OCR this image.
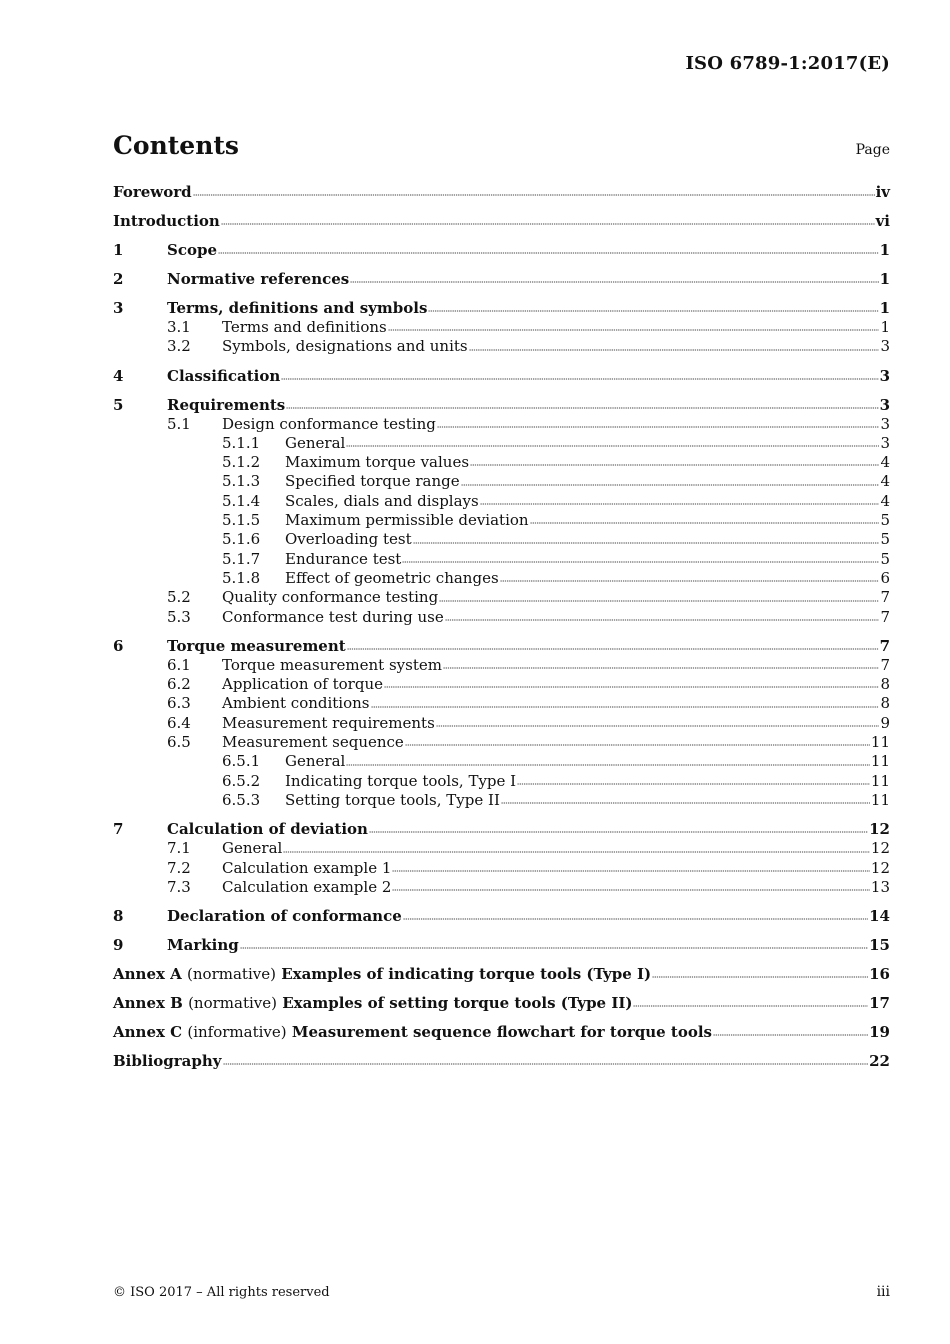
ISO 6789-1:2017(E)
Contents	Page
Foreword	iv
Introduction	vi
1	Scope	1
2	Normative references	1
3	Terms, definitions and symbols	1
3.1	Terms and definitions	1
3.2	Symbols, designations and units	3
4	Classification	3
5	Requirements	3
5.1	Design conformance testing	3
5.1.1	General	3
5.1.2	Maximum torque values	4
5.1.3	Specified torque range	4
5.1.4	Scales, dials and displays	4
5.1.5	Maximum permissible deviation	5
5.1.6	Overloading test	5
5.1.7	Endurance test	5
5.1.8	Effect of geometric changes	6
5.2	Quality conformance testing	7
5.3	Conformance test during use	7
6	Torque measurement	7
6.1	Torque measurement system	7
6.2	Application of torque	8
6.3	Ambient conditions	8
6.4	Measurement requirements	9
6.5	Measurement sequence	11
6.5.1	General	11
6.5.2	Indicating torque tools, Type I	11
6.5.3	Setting torque tools, Type II	11
7	Calculation of deviation	12
7.1	General	12
7.2	Calculation example 1	12
7.3	Calculation example 2	13
8	Declaration of conformance	14
9	Marking	15
Annex A (normative) Examples of indicating torque tools (Type I)	16
Annex B (normative) Examples of setting torque tools (Type II)	17
Annex C (informative) Measurement sequence flowchart for torque tools	19
Bibliography	22
© ISO 2017 – All rights reserved	iii
